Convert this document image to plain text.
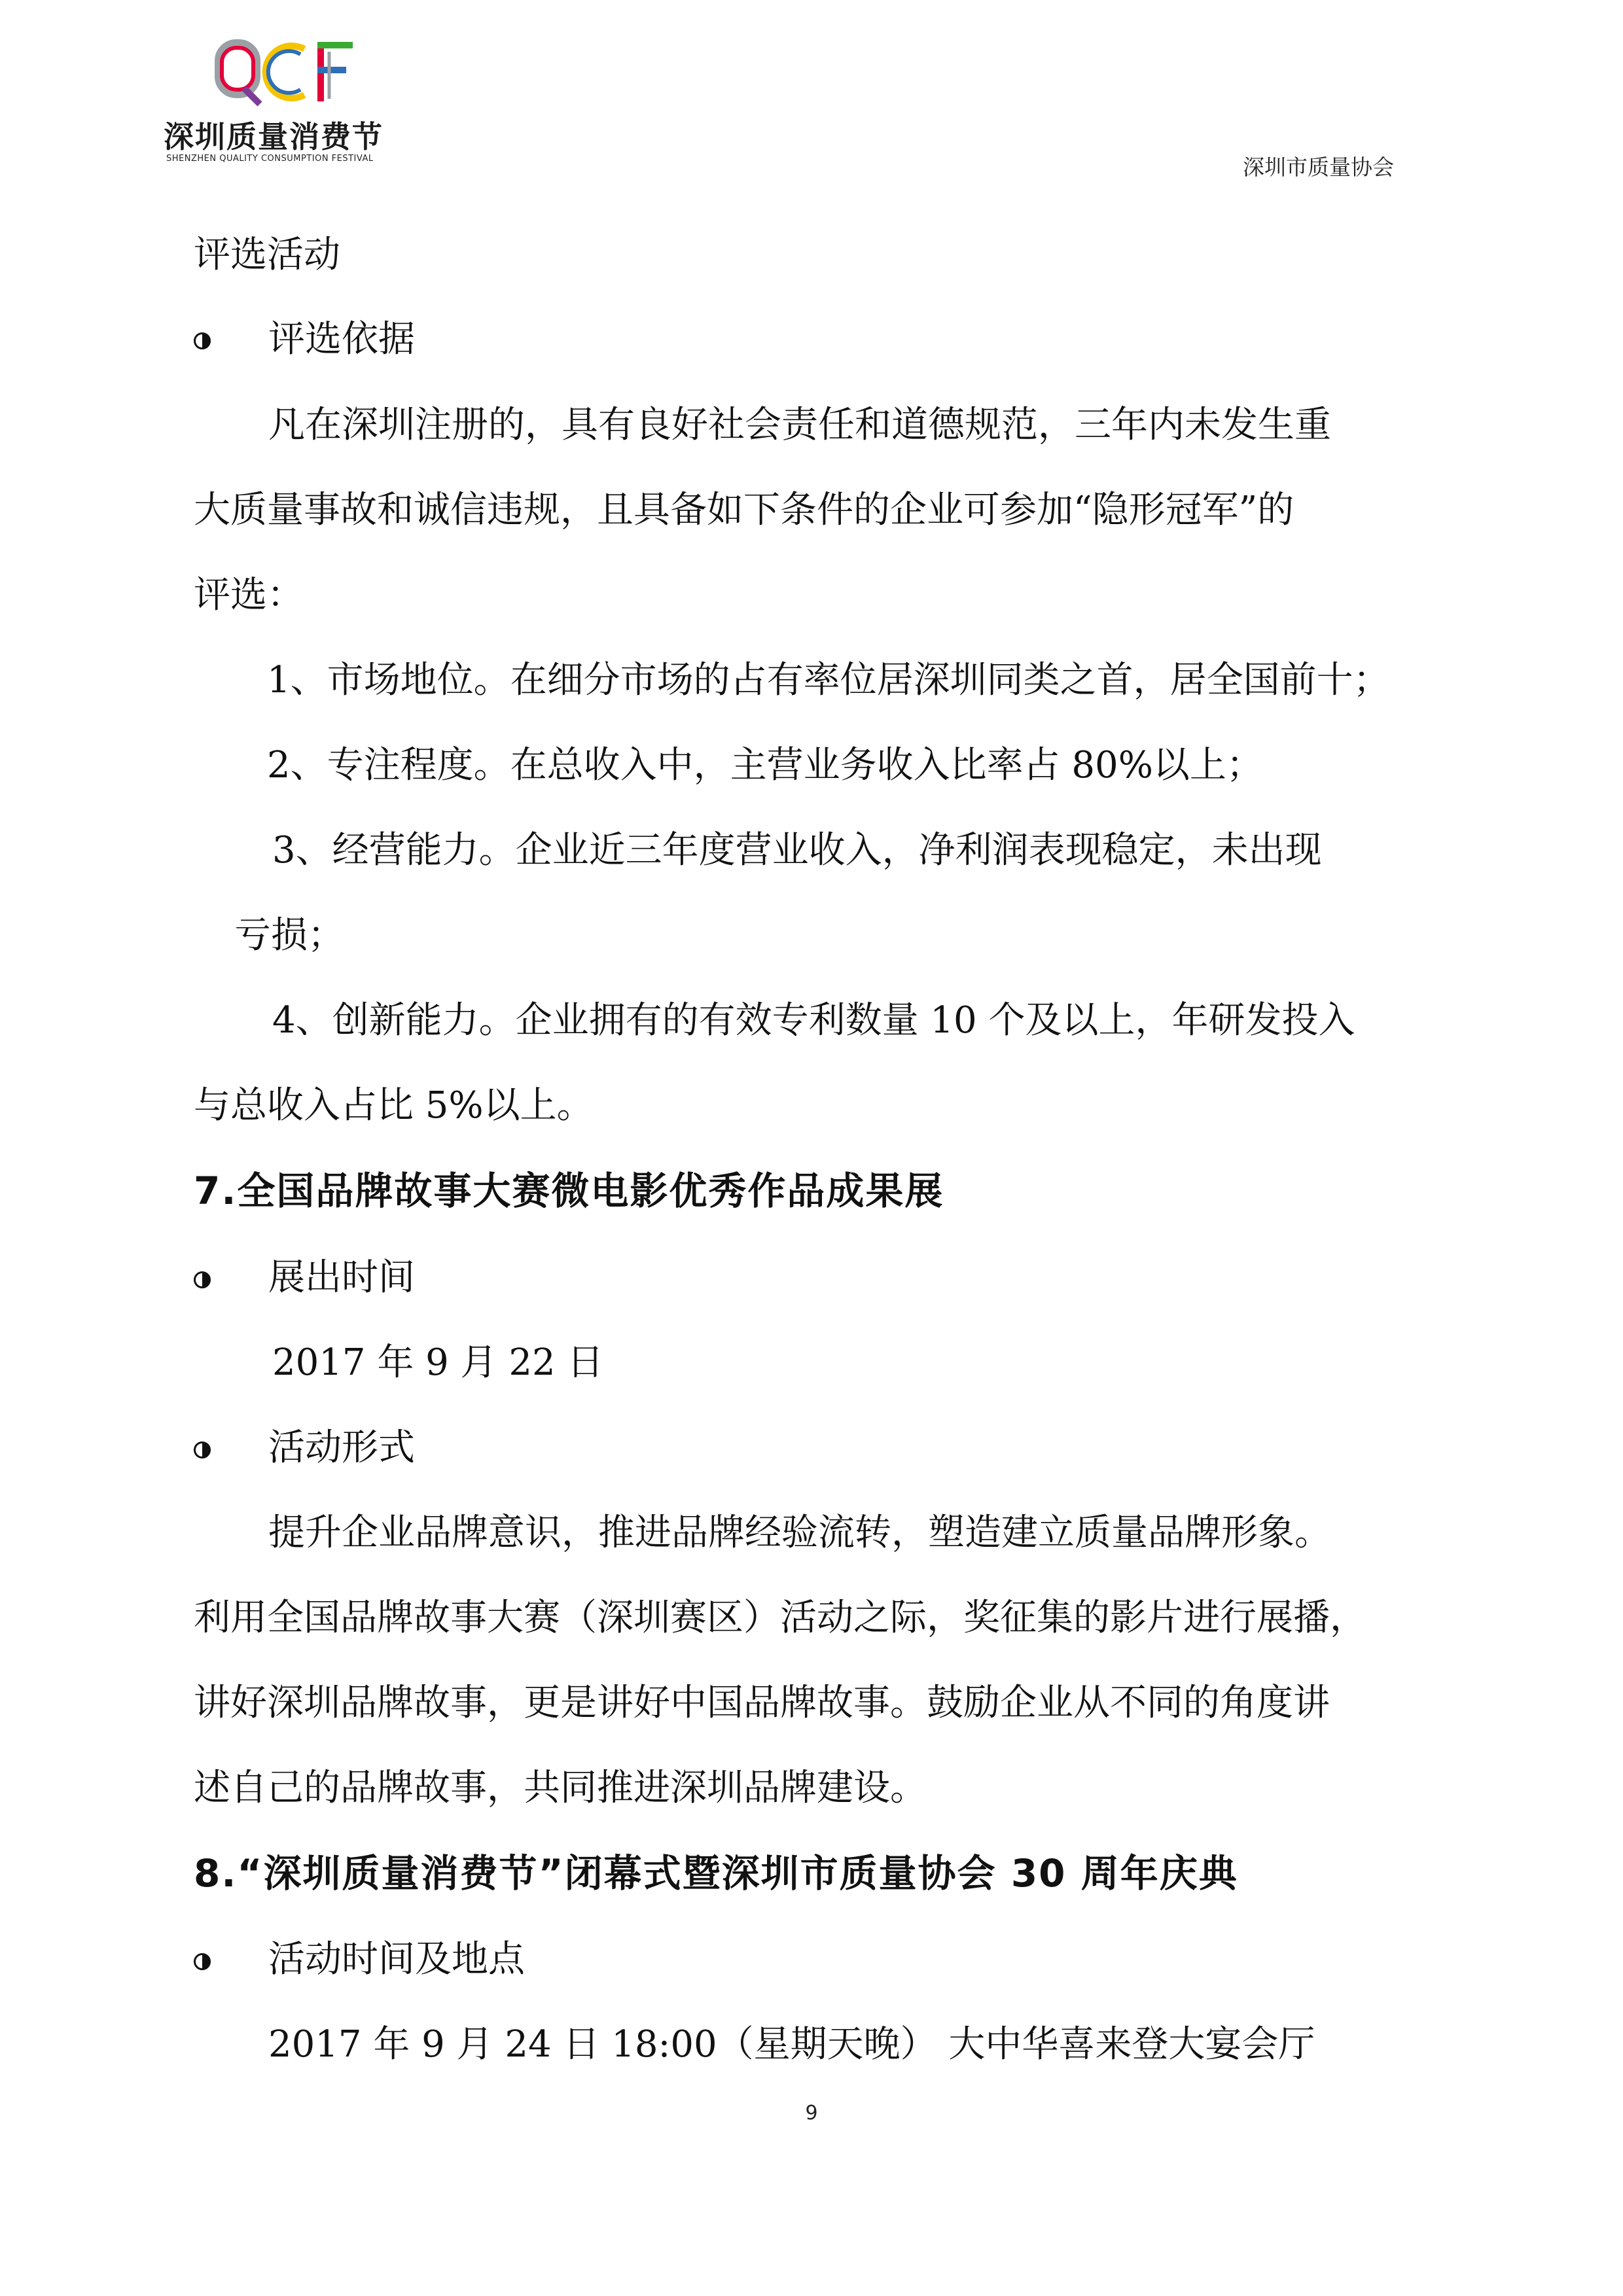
深圳质量消费节
SHENZHEN QUALITY CONSUMPTION FESTIVAL	深圳市质量协会
评选活动
评选依据
凡在深圳注册的，具有良好社会责任和道德规范，三年内未发生重
大质量事故和诚信违规，且具备如下条件的企业可参加“隐形冠军”的
评选：
1、市场地位。在细分市场的占有率位居深圳同类之首，居全国前十；
2、专注程度。在总收入中，主营业务收入比率占 80%以上；
3、经营能力。企业近三年度营业收入，净利润表现稳定，未出现
亏损；
4、创新能力。企业拥有的有效专利数量 10 个及以上，年研发投入
与总收入占比 5%以上。
7.全国品牌故事大赛微电影优秀作品成果展
展出时间
2017 年 9 月 22 日
活动形式
提升企业品牌意识，推进品牌经验流转，塑造建立质量品牌形象。
利用全国品牌故事大赛（深圳赛区）活动之际，奖征集的影片进行展播，
讲好深圳品牌故事，更是讲好中国品牌故事。鼓励企业从不同的角度讲
述自己的品牌故事，共同推进深圳品牌建设。
8.“深圳质量消费节”闭幕式暨深圳市质量协会 30 周年庆典
活动时间及地点
2017 年 9 月 24 日 18:00（星期天晚） 大中华喜来登大宴会厅
9
